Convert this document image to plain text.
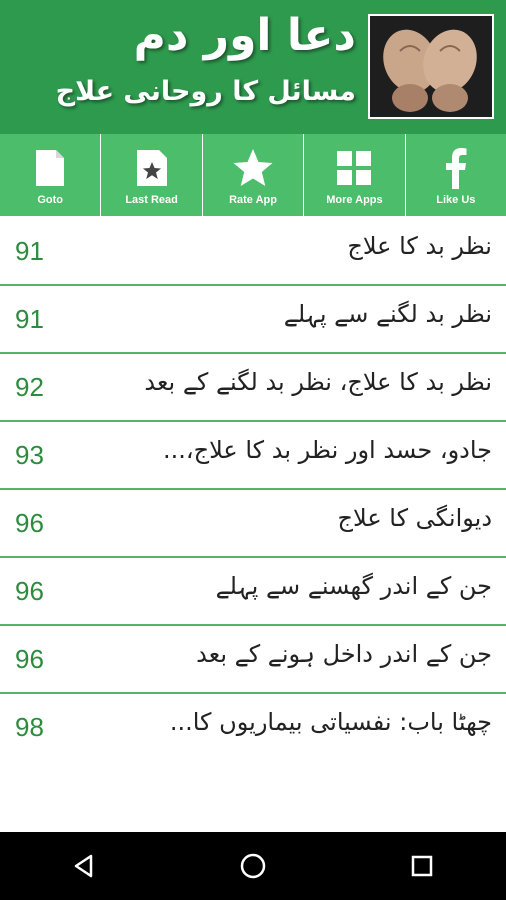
دعا اور دم
مسائل کا روحانی علاج
Goto	Last Read	Rate App	More Apps	Like Us
91	نظر بد کا علاج
91	نظر بد لگنے سے پہلے
92	نظر بد کا علاج، نظر بد لگنے کے بعد
93	جادو، حسد اور نظر بد کا علاج،...
96	دیوانگی کا علاج
96	جن کے اندر گھسنے سے پہلے
96	جن کے اندر داخل ہونے کے بعد
98	چھٹا باب: نفسیاتی بیماریوں کا...
